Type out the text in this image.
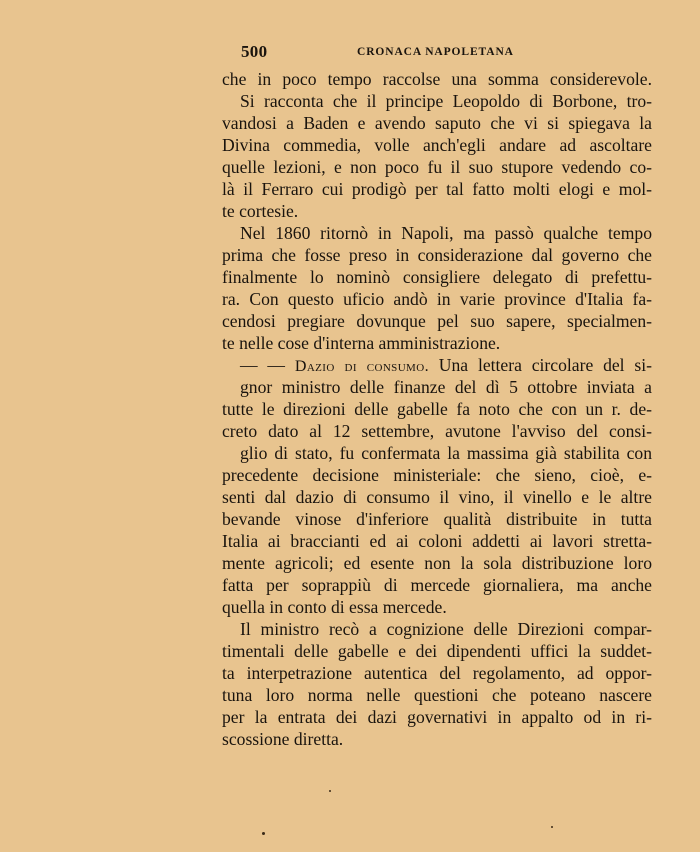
500	CRONACA NAPOLETANA
che in poco tempo raccolse una somma considerevole.
Si racconta che il principe Leopoldo di Borbone, tro-
vandosi a Baden e avendo saputo che vi si spiegava la
Divina commedia, volle anch'egli andare ad ascoltare
quelle lezioni, e non poco fu il suo stupore vedendo co-
là il Ferraro cui prodigò per tal fatto molti elogi e mol-
te cortesie.
Nel 1860 ritornò in Napoli, ma passò qualche tempo
prima che fosse preso in considerazione dal governo che
finalmente lo nominò consigliere delegato di prefettu-
ra. Con questo uficio andò in varie province d'Italia fa-
cendosi pregiare dovunque pel suo sapere, specialmen-
te nelle cose d'interna amministrazione.
— — Dazio di consumo. Una lettera circolare del si-
gnor ministro delle finanze del dì 5 ottobre inviata a
tutte le direzioni delle gabelle fa noto che con un r. de-
creto dato al 12 settembre, avutone l'avviso del consi-
glio di stato, fu confermata la massima già stabilita con
precedente decisione ministeriale: che sieno, cioè, e-
senti dal dazio di consumo il vino, il vinello e le altre
bevande vinose d'inferiore qualità distribuite in tutta
Italia ai braccianti ed ai coloni addetti ai lavori stretta-
mente agricoli; ed esente non la sola distribuzione loro
fatta per soprappiù di mercede giornaliera, ma anche
quella in conto di essa mercede.
Il ministro recò a cognizione delle Direzioni compar-
timentali delle gabelle e dei dipendenti uffici la suddet-
ta interpetrazione autentica del regolamento, ad oppor-
tuna loro norma nelle questioni che poteano nascere
per la entrata dei dazi governativi in appalto od in ri-
scossione diretta.
